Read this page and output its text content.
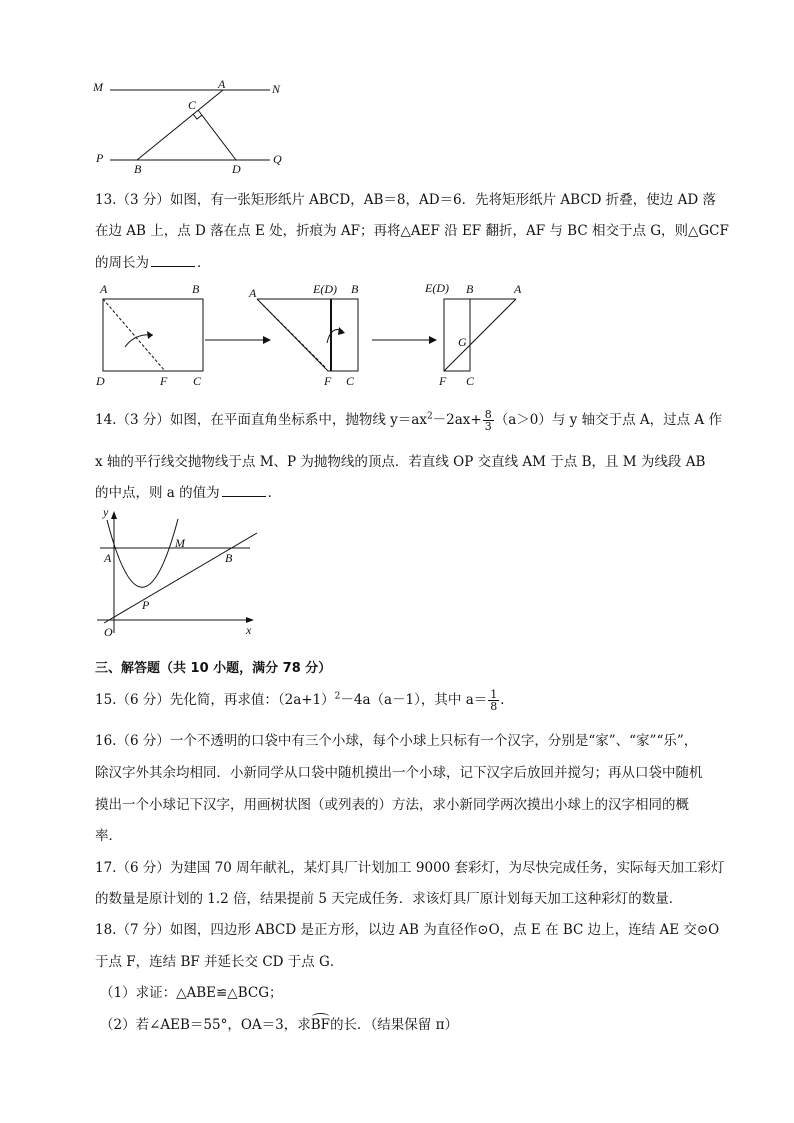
M	A	N
C
P
B	D
Q
13.（3 分）如图，有一张矩形纸片 ABCD，AB＝8，AD＝6．先将矩形纸片 ABCD 折叠，使边 AD 落
在边 AB 上，点 D 落在点 E 处，折痕为 AF；再将△AEF 沿 EF 翻折，AF 与 BC 相交于点 G，则△GCF
的周长为	．
A	B
D	F C
A	E(D) B
F C
E(D) B	A
G
F C
14.（3 分）如图，在平面直角坐标系中，抛物线 $y=ax^2-2ax+ \frac{8}{3} (a>0)$与 y 轴交于点 A，过点 A 作
x 轴的平行线交抛物线于点 M、P 为抛物线的顶点．若直线 OP 交直线 AM 于点 B，且 M 为线段 AB
的中点，则 a 的值为	．
y
x
O
A
M
B
P
三、解答题（共 10 小题，满分 78 分）
15.（6 分）先化简，再求值：$(2a+1)^2-4a(a-1)$，其中 $a= \frac{1}{8}$ ．
16.（6 分）一个不透明的口袋中有三个小球，每个小球上只标有一个汉字，分别是“家”、“家”“乐”，
除汉字外其余均相同．小新同学从口袋中随机摸出一个小球，记下汉字后放回并搅匀；再从口袋中随机
摸出一个小球记下汉字，用画树状图（或列表的）方法，求小新同学两次摸出小球上的汉字相同的概
率．
17.（6 分）为建国 70 周年献礼，某灯具厂计划加工 9000 套彩灯，为尽快完成任务，实际每天加工彩灯
的数量是原计划的 1.2 倍，结果提前 5 天完成任务．求该灯具厂原计划每天加工这种彩灯的数量．
18.（7 分）如图，四边形 ABCD 是正方形，以边 AB 为直径作⊙O，点 E 在 BC 边上，连结 AE 交⊙O
于点 F，连结 BF 并延长交 CD 于点 G．
（1）求证：△ABE≌△BCG；
（2）若∠AEB＝55°，OA＝3，求BF的长．（结果保留 π）
